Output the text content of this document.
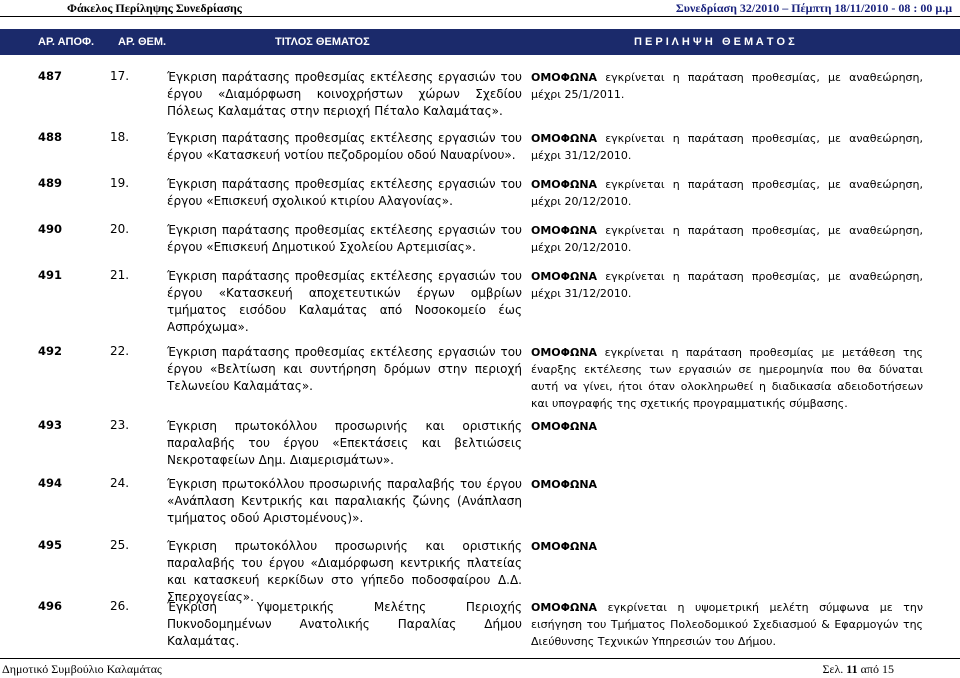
Φάκελος Περίληψης Συνεδρίασης	Συνεδρίαση 32/2010 – Πέμπτη 18/11/2010 - 08 : 00 μ.μ
ΑΡ. ΑΠΟΦ. ΑΡ. ΘΕΜ.	ΤΙΤΛΟΣ ΘΕΜΑΤΟΣ	Π Ε Ρ Ι Λ Η Ψ Η   Θ Ε Μ Α Τ Ο Σ
487	17.	Έγκριση παράτασης προθεσμίας εκτέλεσης εργασιών του έργου «Διαμόρφωση κοινοχρήστων χώρων Σχεδίου Πόλεως Καλαμάτας στην περιοχή Πέταλο Καλαμάτας».
ΟΜΟΦΩΝΑ εγκρίνεται η παράταση προθεσμίας, με αναθεώρηση, μέχρι 25/1/2011.
488	18.	Έγκριση παράτασης προθεσμίας εκτέλεσης εργασιών του έργου «Κατασκευή νοτίου πεζοδρομίου οδού Ναυαρίνου».
ΟΜΟΦΩΝΑ εγκρίνεται η παράταση προθεσμίας, με αναθεώρηση, μέχρι 31/12/2010.
489	19.	Έγκριση παράτασης προθεσμίας εκτέλεσης εργασιών του έργου «Επισκευή σχολικού κτιρίου Αλαγονίας».
ΟΜΟΦΩΝΑ εγκρίνεται η παράταση προθεσμίας, με αναθεώρηση, μέχρι 20/12/2010.
490	20.	Έγκριση παράτασης προθεσμίας εκτέλεσης εργασιών του έργου «Επισκευή Δημοτικού Σχολείου Αρτεμισίας».
ΟΜΟΦΩΝΑ εγκρίνεται η παράταση προθεσμίας, με αναθεώρηση, μέχρι 20/12/2010.
491	21.	Έγκριση παράτασης προθεσμίας εκτέλεσης εργασιών του έργου «Κατασκευή αποχετευτικών έργων ομβρίων τμήματος εισόδου Καλαμάτας από Νοσοκομείο έως Ασπρόχωμα».
ΟΜΟΦΩΝΑ εγκρίνεται η παράταση προθεσμίας, με αναθεώρηση, μέχρι 31/12/2010.
492	22.	Έγκριση παράτασης προθεσμίας εκτέλεσης εργασιών του έργου «Βελτίωση και συντήρηση δρόμων στην περιοχή Τελωνείου Καλαμάτας».
ΟΜΟΦΩΝΑ εγκρίνεται η παράταση προθεσμίας με μετάθεση της έναρξης εκτέλεσης των εργασιών σε ημερομηνία που θα δύναται αυτή να γίνει, ήτοι όταν ολοκληρωθεί η διαδικασία αδειοδοτήσεων και υπογραφής της σχετικής προγραμματικής σύμβασης.
493	23.	Έγκριση πρωτοκόλλου προσωρινής και οριστικής παραλαβής του έργου «Επεκτάσεις και βελτιώσεις Νεκροταφείων Δημ. Διαμερισμάτων».
ΟΜΟΦΩΝΑ
494	24.	Έγκριση πρωτοκόλλου προσωρινής παραλαβής του έργου «Ανάπλαση Κεντρικής και παραλιακής ζώνης (Ανάπλαση τμήματος οδού Αριστομένους)».
ΟΜΟΦΩΝΑ
495	25.	Έγκριση πρωτοκόλλου προσωρινής και οριστικής παραλαβής του έργου «Διαμόρφωση κεντρικής πλατείας και κατασκευή κερκίδων στο γήπεδο ποδοσφαίρου Δ.Δ. Σπερχογείας».
ΟΜΟΦΩΝΑ
496	26.	Έγκριση Υψομετρικής Μελέτης Περιοχής Πυκνοδομημένων Ανατολικής Παραλίας Δήμου Καλαμάτας.
ΟΜΟΦΩΝΑ εγκρίνεται η υψομετρική μελέτη σύμφωνα με την εισήγηση του Τμήματος Πολεοδομικού Σχεδιασμού & Εφαρμογών της Διεύθυνσης Τεχνικών Υπηρεσιών του Δήμου.
Δημοτικό Συμβούλιο Καλαμάτας	Σελ. 11 από 15
